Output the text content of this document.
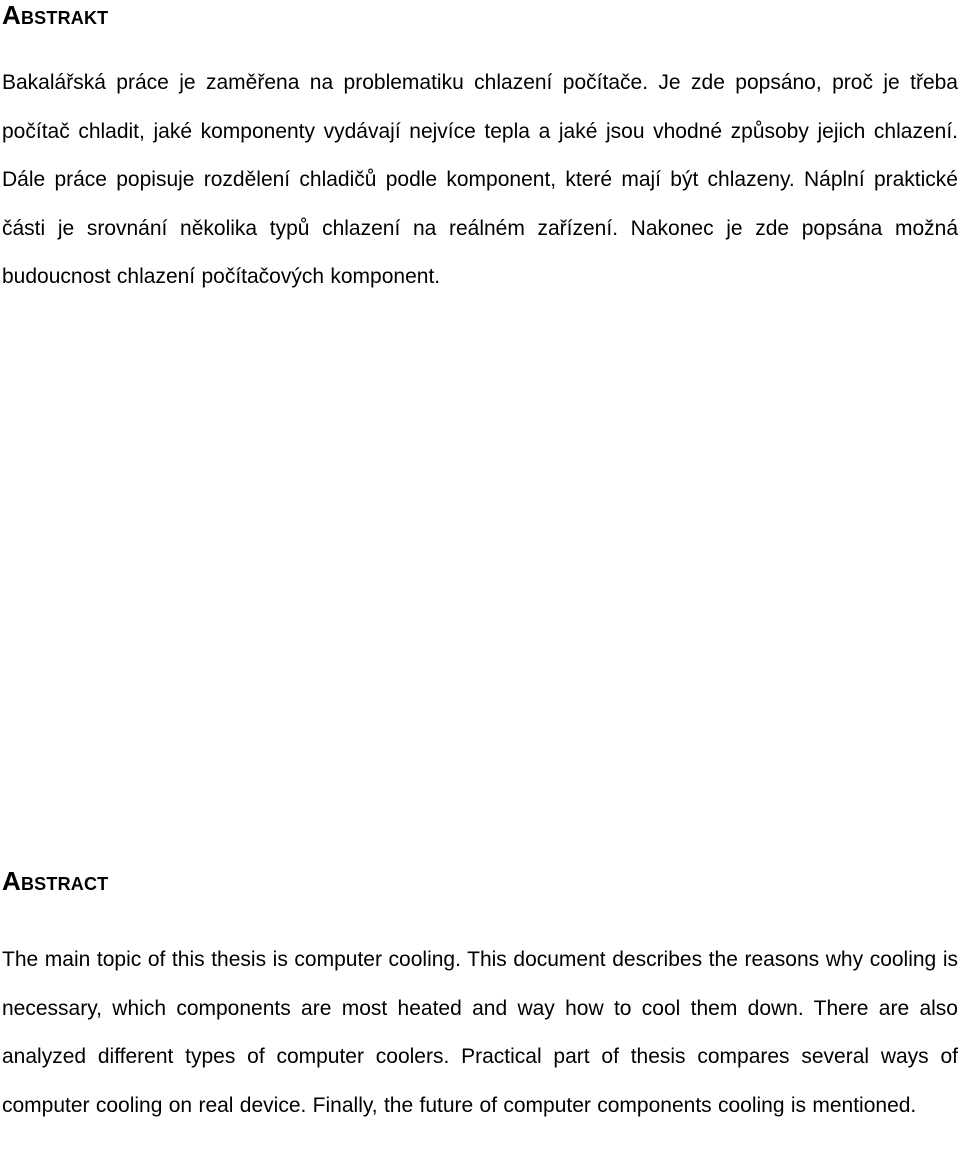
Abstrakt

Bakalářská práce je zaměřena na problematiku chlazení počítače. Je zde popsáno, proč je třeba počítač chladit, jaké komponenty vydávají nejvíce tepla a jaké jsou vhodné způsoby jejich chlazení. Dále práce popisuje rozdělení chladičů podle komponent, které mají být chlazeny. Náplní praktické části je srovnání několika typů chlazení na reálném zařízení. Nakonec je zde popsána možná budoucnost chlazení počítačových komponent.

Abstract

The main topic of this thesis is computer cooling. This document describes the reasons why cooling is necessary, which components are most heated and way how to cool them down. There are also analyzed different types of computer coolers. Practical part of thesis compares several ways of computer cooling on real device. Finally, the future of computer components cooling is mentioned.
